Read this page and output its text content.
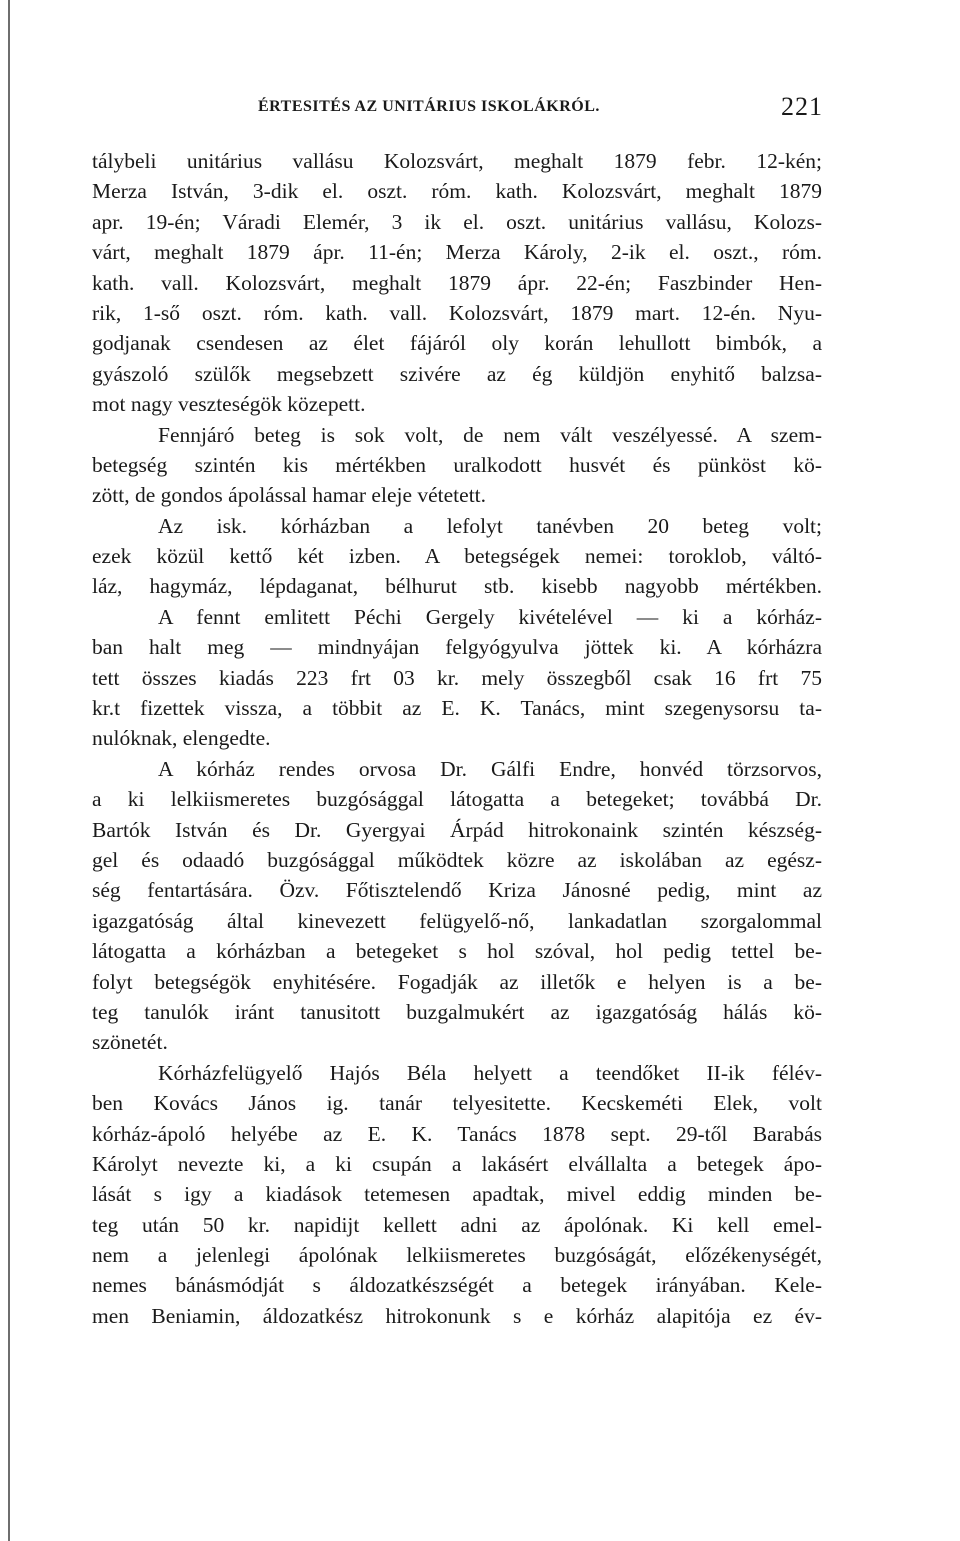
ÉRTESITÉS AZ UNITÁRIUS ISKOLÁKRÓL.	221
tálybeli unitárius vallásu Kolozsvárt, meghalt 1879 febr. 12-kén;
Merza István, 3-dik el. oszt. róm. kath. Kolozsvárt, meghalt 1879
apr. 19-én; Váradi Elemér, 3 ik el. oszt. unitárius vallásu, Kolozs-
várt, meghalt 1879 ápr. 11-én; Merza Károly, 2-ik el. oszt., róm.
kath. vall. Kolozsvárt, meghalt 1879 ápr. 22-én; Faszbinder Hen-
rik, 1-ső oszt. róm. kath. vall. Kolozsvárt, 1879 mart. 12-én. Nyu-
godjanak csendesen az élet fájáról oly korán lehullott bimbók, a
gyászoló szülők megsebzett szivére az ég küldjön enyhitő balzsa-
mot nagy veszteségök közepett.
Fennjáró beteg is sok volt, de nem vált veszélyessé. A szem-
betegség szintén kis mértékben uralkodott husvét és pünköst kö-
zött, de gondos ápolással hamar eleje vétetett.
Az isk. kórházban a lefolyt tanévben 20 beteg volt;
ezek közül kettő két izben. A betegségek nemei: toroklob, váltó-
láz, hagymáz, lépdaganat, bélhurut stb. kisebb nagyobb mértékben.
A fennt emlitett Péchi Gergely kivételével — ki a kórház-
ban halt meg — mindnyájan felgyógyulva jöttek ki. A kórházra
tett összes kiadás 223 frt 03 kr. mely összegből csak 16 frt 75
kr.t fizettek vissza, a többit az E. K. Tanács, mint szegenysorsu ta-
nulóknak, elengedte.
A kórház rendes orvosa Dr. Gálfi Endre, honvéd törzsorvos,
a ki lelkiismeretes buzgósággal látogatta a betegeket; továbbá Dr.
Bartók István és Dr. Gyergyai Árpád hitrokonaink szintén készség-
gel és odaadó buzgósággal működtek közre az iskolában az egész-
ség fentartására. Özv. Főtisztelendő Kriza Jánosné pedig, mint az
igazgatóság által kinevezett felügyelő-nő, lankadatlan szorgalommal
látogatta a kórházban a betegeket s hol szóval, hol pedig tettel be-
folyt betegségök enyhitésére. Fogadják az illetők e helyen is a be-
teg tanulók iránt tanusitott buzgalmukért az igazgatóság hálás kö-
szönetét.
Kórházfelügyelő Hajós Béla helyett a teendőket II-ik félév-
ben Kovács János ig. tanár telyesitette. Kecskeméti Elek, volt
kórház-ápoló helyébe az E. K. Tanács 1878 sept. 29-től Barabás
Károlyt nevezte ki, a ki csupán a lakásért elvállalta a betegek ápo-
lását s igy a kiadások tetemesen apadtak, mivel eddig minden be-
teg után 50 kr. napidijt kellett adni az ápolónak. Ki kell emel-
nem a jelenlegi ápolónak lelkiismeretes buzgóságát, előzékenységét,
nemes bánásmódját s áldozatkészségét a betegek irányában. Kele-
men Beniamin, áldozatkész hitrokonunk s e kórház alapitója ez év-
